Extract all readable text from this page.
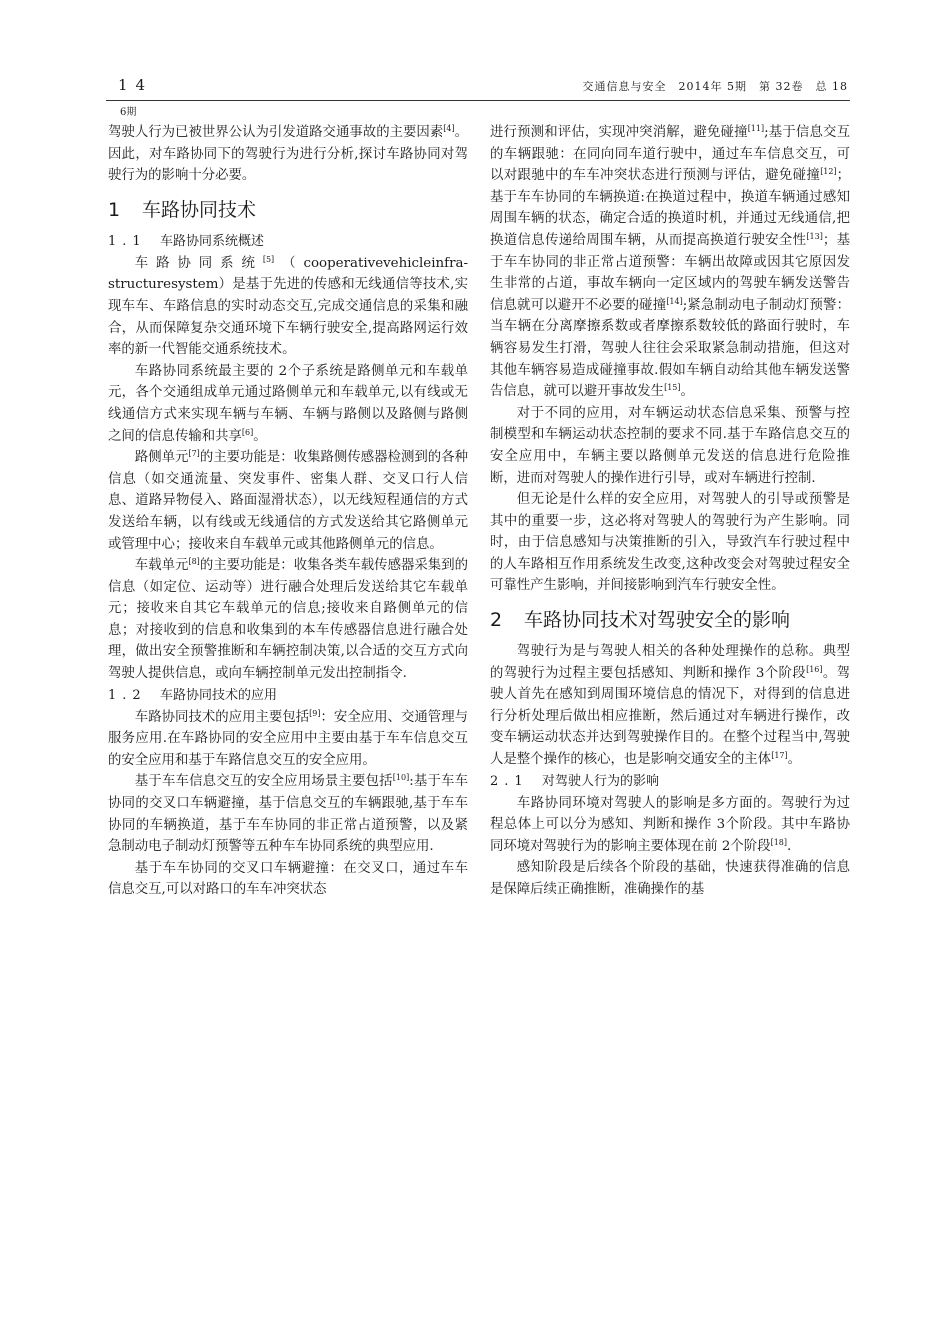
14	交通信息与安全　2014年 5期　第 32卷　总 18
6期

驾驶人行为已被世界公认为引发道路交通事故的主要因素[4]。因此，对车路协同下的驾驶行为进行分析,探讨车路协同对驾驶行为的影响十分必要。

1 车路协同技术
1.1 车路协同系统概述

车路协同系统[5]（cooperativevehicleinfra-structuresystem）是基于先进的传感和无线通信等技术,实现车车、车路信息的实时动态交互,完成交通信息的采集和融合，从而保障复杂交通环境下车辆行驶安全,提高路网运行效率的新一代智能交通系统技术。

车路协同系统最主要的 2个子系统是路侧单元和车载单元，各个交通组成单元通过路侧单元和车载单元,以有线或无线通信方式来实现车辆与车辆、车辆与路侧以及路侧与路侧之间的信息传输和共享[6]。

路侧单元[7]的主要功能是：收集路侧传感器检测到的各种信息（如交通流量、突发事件、密集人群、交叉口行人信息、道路异物侵入、路面湿滑状态），以无线短程通信的方式发送给车辆，以有线或无线通信的方式发送给其它路侧单元或管理中心；接收来自车载单元或其他路侧单元的信息。

车载单元[8]的主要功能是：收集各类车载传感器采集到的信息（如定位、运动等）进行融合处理后发送给其它车载单元；接收来自其它车载单元的信息;接收来自路侧单元的信息；对接收到的信息和收集到的本车传感器信息进行融合处理，做出安全预警推断和车辆控制决策,以合适的交互方式向驾驶人提供信息，或向车辆控制单元发出控制指令.

1.2 车路协同技术的应用

车路协同技术的应用主要包括[9]：安全应用、交通管理与服务应用.在车路协同的安全应用中主要由基于车车信息交互的安全应用和基于车路信息交互的安全应用。

基于车车信息交互的安全应用场景主要包括[10]:基于车车协同的交叉口车辆避撞，基于信息交互的车辆跟驰,基于车车协同的车辆换道，基于车车协同的非正常占道预警，以及紧急制动电子制动灯预警等五种车车协同系统的典型应用.

基于车车协同的交叉口车辆避撞：在交叉口，通过车车信息交互,可以对路口的车车冲突状态

进行预测和评估，实现冲突消解，避免碰撞[11];基于信息交互的车辆跟驰：在同向同车道行驶中，通过车车信息交互，可以对跟驰中的车车冲突状态进行预测与评估，避免碰撞[12]；基于车车协同的车辆换道:在换道过程中，换道车辆通过感知周围车辆的状态，确定合适的换道时机，并通过无线通信,把换道信息传递给周围车辆，从而提高换道行驶安全性[13]；基于车车协同的非正常占道预警：车辆出故障或因其它原因发生非常的占道，事故车辆向一定区域内的驾驶车辆发送警告信息就可以避开不必要的碰撞[14];紧急制动电子制动灯预警：当车辆在分离摩擦系数或者摩擦系数较低的路面行驶时，车辆容易发生打滑，驾驶人往往会采取紧急制动措施，但这对其他车辆容易造成碰撞事故.假如车辆自动给其他车辆发送警告信息，就可以避开事故发生[15]。

对于不同的应用，对车辆运动状态信息采集、预警与控制模型和车辆运动状态控制的要求不同.基于车路信息交互的安全应用中，车辆主要以路侧单元发送的信息进行危险推断，进而对驾驶人的操作进行引导，或对车辆进行控制.

但无论是什么样的安全应用，对驾驶人的引导或预警是其中的重要一步，这必将对驾驶人的驾驶行为产生影响。同时，由于信息感知与决策推断的引入，导致汽车行驶过程中的人车路相互作用系统发生改变,这种改变会对驾驶过程安全可靠性产生影响，并间接影响到汽车行驶安全性。

2 车路协同技术对驾驶安全的影响

驾驶行为是与驾驶人相关的各种处理操作的总称。典型的驾驶行为过程主要包括感知、判断和操作 3个阶段[16]。驾驶人首先在感知到周围环境信息的情况下，对得到的信息进行分析处理后做出相应推断，然后通过对车辆进行操作，改变车辆运动状态并达到驾驶操作目的。在整个过程当中,驾驶人是整个操作的核心，也是影响交通安全的主体[17]。

2.1 对驾驶人行为的影响

车路协同环境对驾驶人的影响是多方面的。驾驶行为过程总体上可以分为感知、判断和操作 3个阶段。其中车路协同环境对驾驶行为的影响主要体现在前 2个阶段[18].

感知阶段是后续各个阶段的基础，快速获得准确的信息是保障后续正确推断，准确操作的基
